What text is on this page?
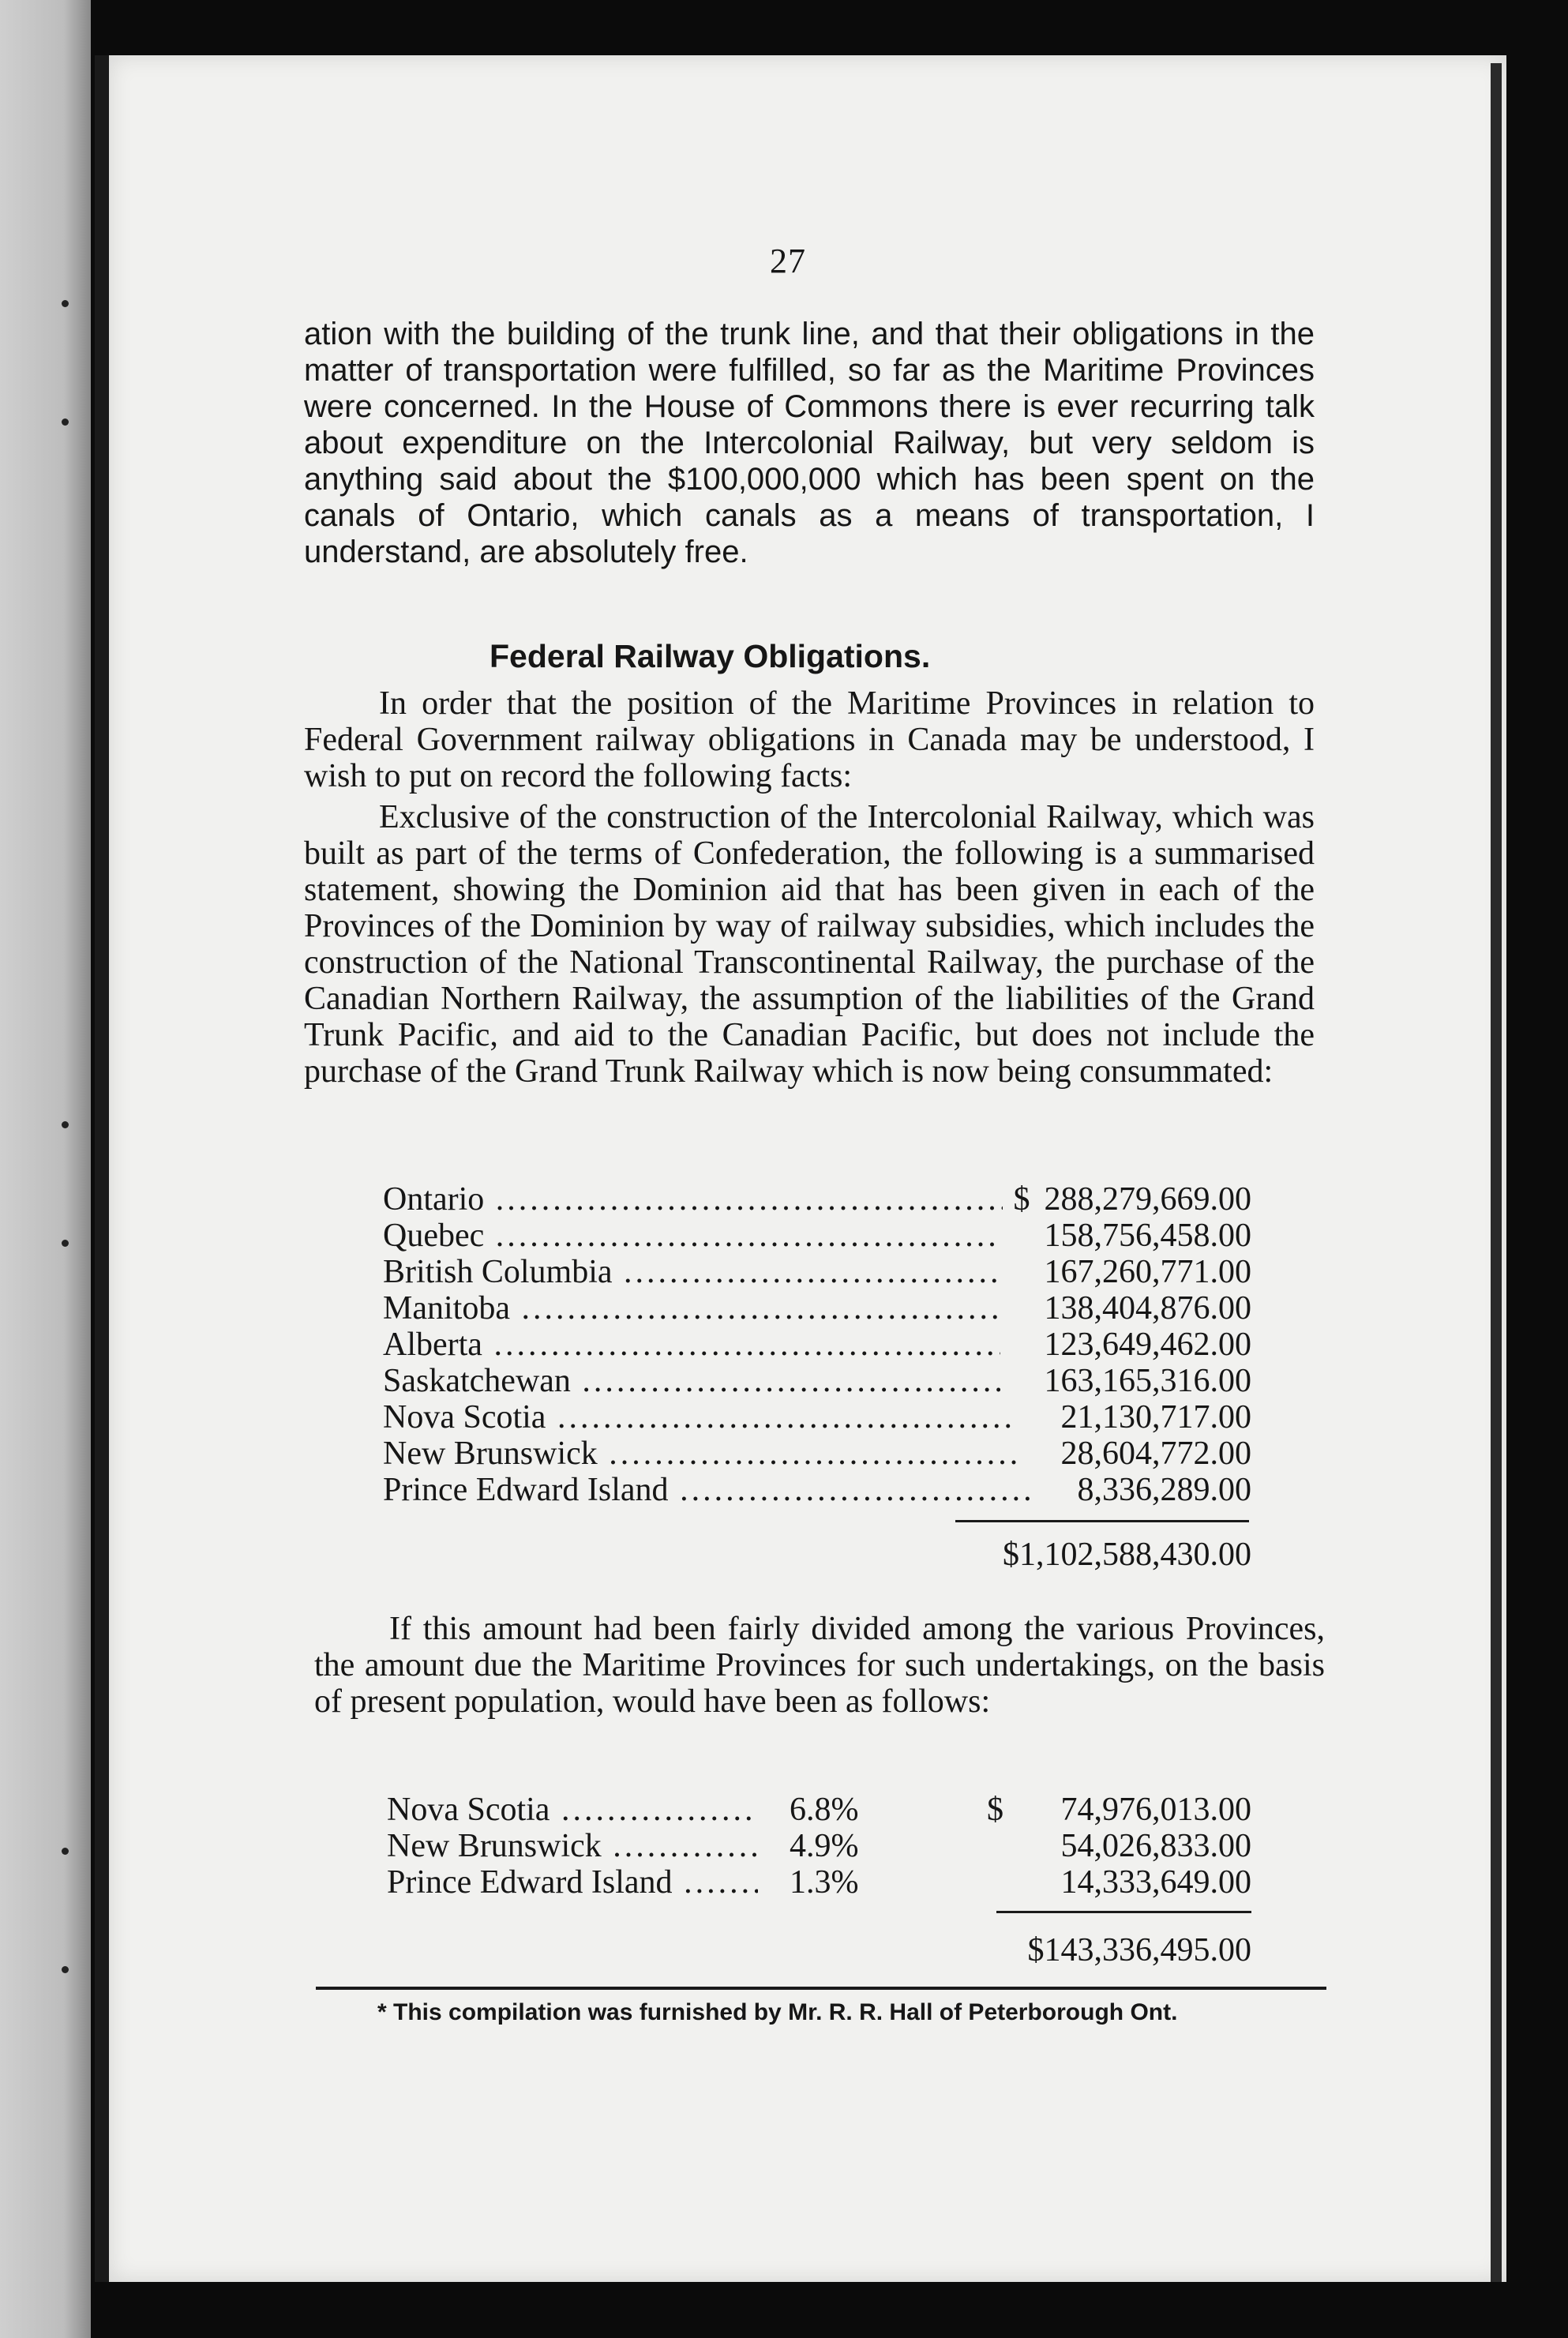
27

ation with the building of the trunk line, and that their obligations in the matter of transportation were fulfilled, so far as the Maritime Provinces were concerned. In the House of Commons there is ever recurring talk about expenditure on the Intercolonial Railway, but very seldom is anything said about the $100,000,000 which has been spent on the canals of Ontario, which canals as a means of transportation, I understand, are absolutely free.

Federal Railway Obligations.

In order that the position of the Maritime Provinces in relation to Federal Government railway obligations in Canada may be understood, I wish to put on record the following facts:

Exclusive of the construction of the Intercolonial Railway, which was built as part of the terms of Confederation, the following is a summarised statement, showing the Dominion aid that has been given in each of the Provinces of the Dominion by way of railway subsidies, which includes the construction of the National Transcontinental Railway, the purchase of the Canadian Northern Railway, the assumption of the liabilities of the Grand Trunk Pacific, and aid to the Canadian Pacific, but does not include the purchase of the Grand Trunk Railway which is now being consummated:

Ontario .....	$ 288,279,669.00
Quebec .....	158,756,458.00
British Columbia .....	167,260,771.00
Manitoba .....	138,404,876.00
Alberta .....	123,649,462.00
Saskatchewan .....	163,165,316.00
Nova Scotia .....	21,130,717.00
New Brunswick .....	28,604,772.00
Prince Edward Island .....	8,336,289.00
$1,102,588,430.00

If this amount had been fairly divided among the various Provinces, the amount due the Maritime Provinces for such undertakings, on the basis of present population, would have been as follows:

Nova Scotia .....	6.8%	$	74,976,013.00
New Brunswick .....	4.9%	54,026,833.00
Prince Edward Island .....	1.3%	14,333,649.00
$143,336,495.00

* This compilation was furnished by Mr. R. R. Hall of Peterborough Ont.
